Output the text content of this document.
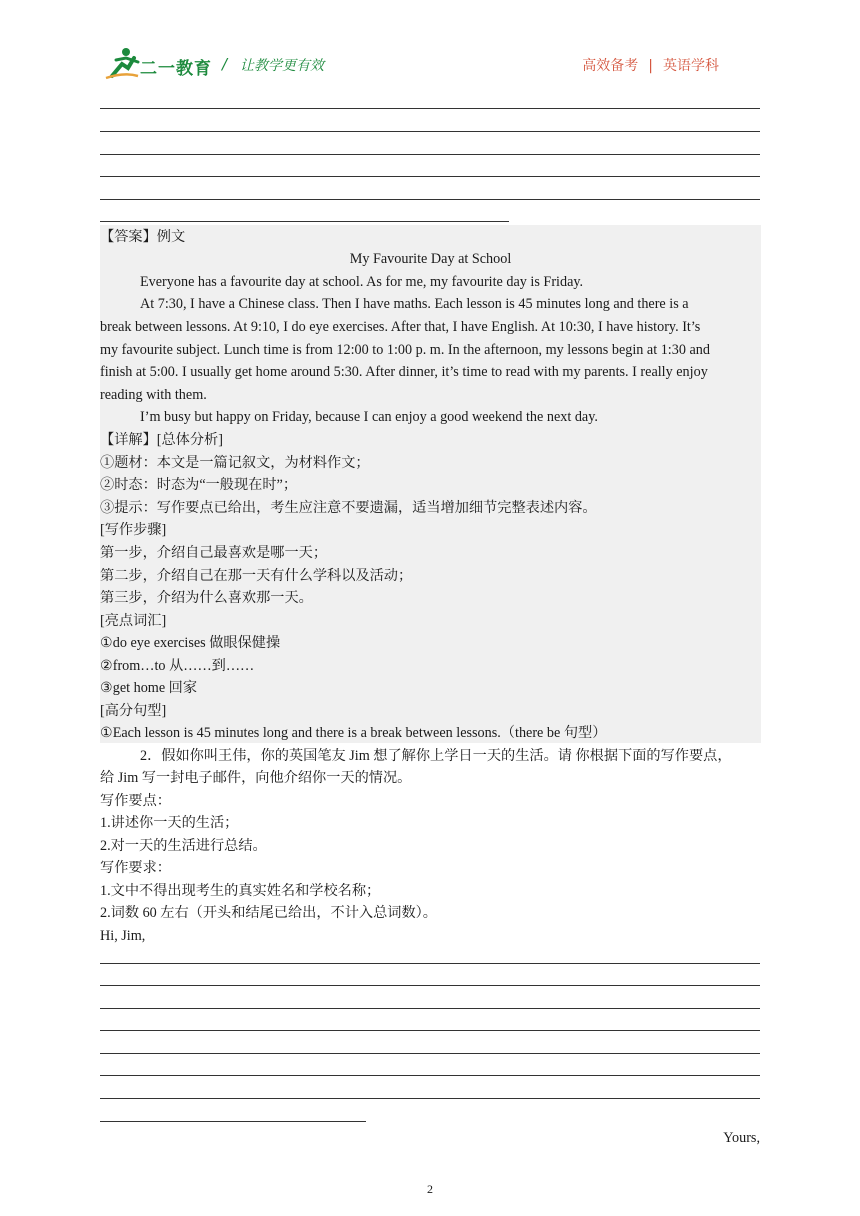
二一教育 / 让教学更有效	高效备考 | 英语学科
【答案】例文
My Favourite Day at School
Everyone has a favourite day at school. As for me, my favourite day is Friday.
At 7:30, I have a Chinese class. Then I have maths. Each lesson is 45 minutes long and there is a
break between lessons. At 9:10, I do eye exercises. After that, I have English. At 10:30, I have history. It’s
my favourite subject. Lunch time is from 12:00 to 1:00 p. m. In the afternoon, my lessons begin at 1:30 and
finish at 5:00. I usually get home around 5:30. After dinner, it’s time to read with my parents. I really enjoy
reading with them.
I’m busy but happy on Friday, because I can enjoy a good weekend the next day.
【详解】[总体分析]
①题材：本文是一篇记叙文，为材料作文；
②时态：时态为“一般现在时”；
③提示：写作要点已给出，考生应注意不要遗漏，适当增加细节完整表述内容。
[写作步骤]
第一步，介绍自己最喜欢是哪一天；
第二步，介绍自己在那一天有什么学科以及活动；
第三步，介绍为什么喜欢那一天。
[亮点词汇]
①do eye exercises 做眼保健操
②from…to 从……到……
③get home 回家
[高分句型]
①Each lesson is 45 minutes long and there is a break between lessons.（there be 句型）
2．假如你叫王伟，你的英国笔友 Jim 想了解你上学日一天的生活。请 你根据下面的写作要点，
给 Jim 写一封电子邮件，向他介绍你一天的情况。
写作要点：
1.讲述你一天的生活；
2.对一天的生活进行总结。
写作要求：
1.文中不得出现考生的真实姓名和学校名称；
2.词数 60 左右（开头和结尾已给出，不计入总词数）。
Hi, Jim,
Yours,
2
